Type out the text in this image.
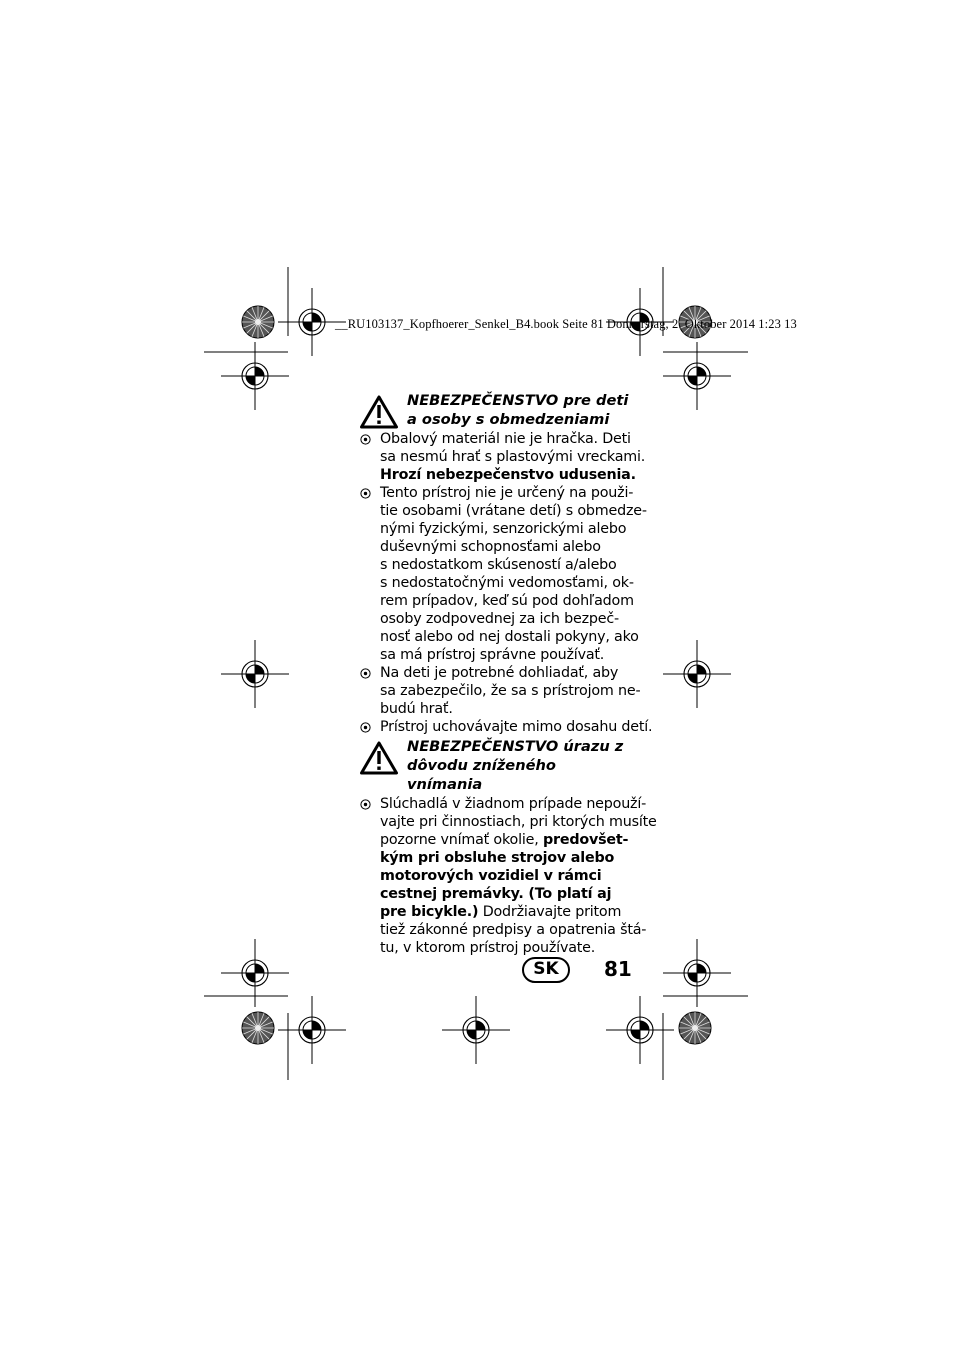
__RU103137_Kopfhoerer_Senkel_B4.book Seite 81 Donnerstag, 2. Oktober 2014 1:23 13
NEBEZPEČENSTVO pre deti
a osoby s obmedzeniami
Obalový materiál nie je hračka. Deti
sa nesmú hrať s plastovými vreckami.
Hrozí nebezpečenstvo udusenia.
Tento prístroj nie je určený na použi-
tie osobami (vrátane detí) s obmedze-
nými fyzickými, senzorickými alebo
duševnými schopnosťami alebo
s nedostatkom skúseností a/alebo
s nedostatočnými vedomosťami, ok-
rem prípadov, keď sú pod dohľadom
osoby zodpovednej za ich bezpeč-
nosť alebo od nej dostali pokyny, ako
sa má prístroj správne používať.
Na deti je potrebné dohliadať, aby
sa zabezpečilo, že sa s prístrojom ne-
budú hrať.
Prístroj uchovávajte mimo dosahu detí.
NEBEZPEČENSTVO úrazu z
dôvodu zníženého vnímania
Slúchadlá v žiadnom prípade nepouží-
vajte pri činnostiach, pri ktorých musíte
pozorne vnímať okolie, predovšet-
kým pri obsluhe strojov alebo
motorových vozidiel v rámci
cestnej premávky. (To platí aj
pre bicykle.) Dodržiavajte pritom
tiež zákonné predpisy a opatrenia štá-
tu, v ktorom prístroj používate.
SK	81
